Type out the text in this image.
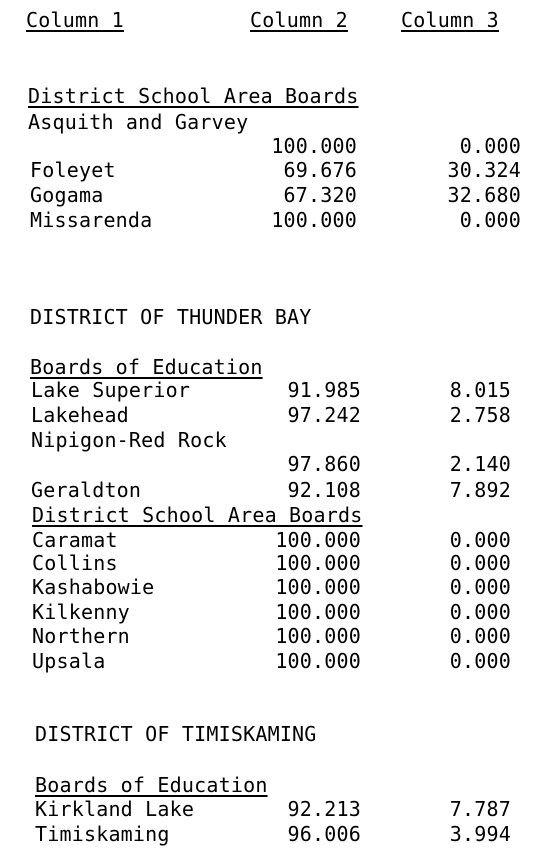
Column 1	Column 2	Column 3
District School Area Boards
Asquith and Garvey
100.000	0.000
Foleyet	69.676	30.324
Gogama	67.320	32.680
Missarenda	100.000	0.000
DISTRICT OF THUNDER BAY
Boards of Education
Lake Superior	91.985	8.015
Lakehead	97.242	2.758
Nipigon-Red Rock
97.860	2.140
Geraldton	92.108	7.892
District School Area Boards
Caramat	100.000	0.000
Collins	100.000	0.000
Kashabowie	100.000	0.000
Kilkenny	100.000	0.000
Northern	100.000	0.000
Upsala	100.000	0.000
DISTRICT OF TIMISKAMING
Boards of Education
Kirkland Lake	92.213	7.787
Timiskaming	96.006	3.994
